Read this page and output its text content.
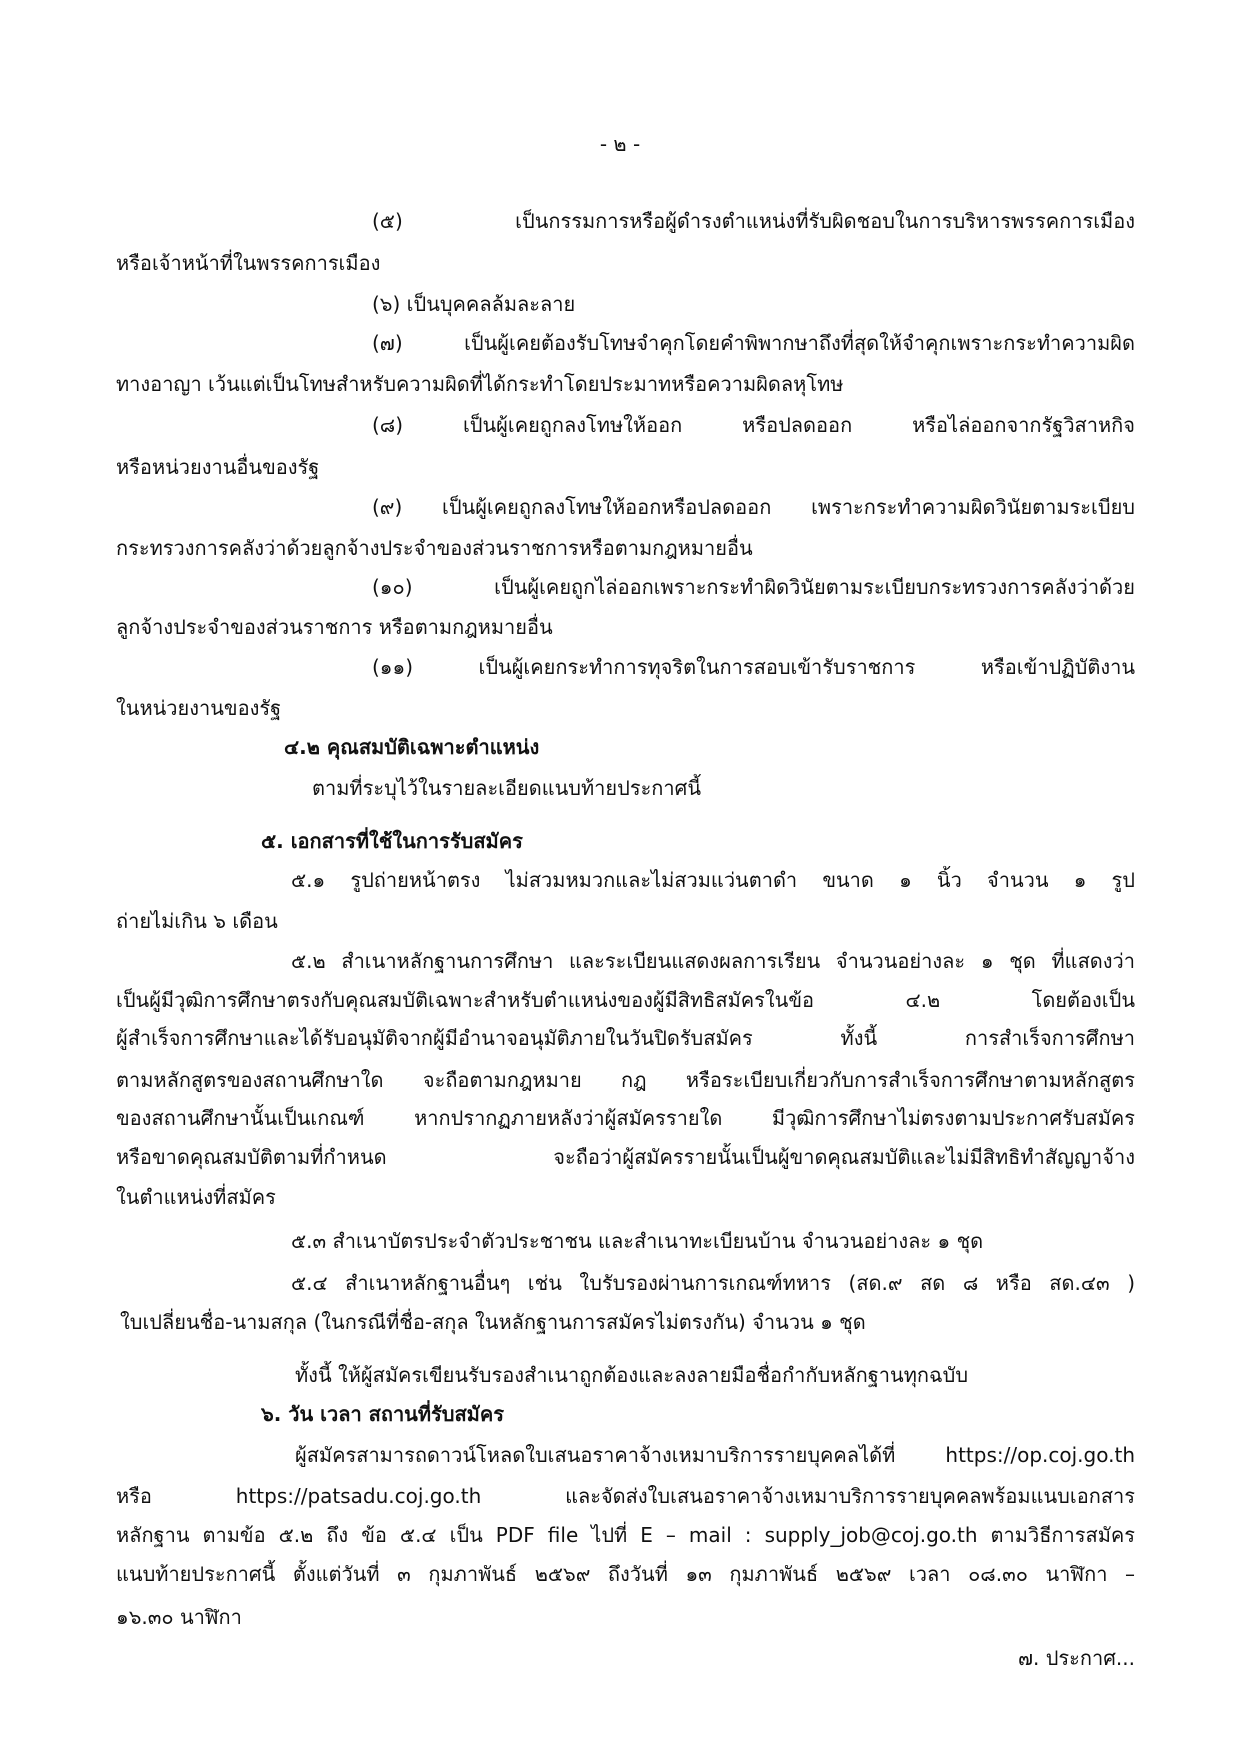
- ๒ -
(๕) เป็นกรรมการหรือผู้ดำรงตำแหน่งที่รับผิดชอบในการบริหารพรรคการเมือง
หรือเจ้าหน้าที่ในพรรคการเมือง
(๖) เป็นบุคคลล้มละลาย
(๗) เป็นผู้เคยต้องรับโทษจำคุกโดยคำพิพากษาถึงที่สุดให้จำคุกเพราะกระทำความผิด
ทางอาญา เว้นแต่เป็นโทษสำหรับความผิดที่ได้กระทำโดยประมาทหรือความผิดลหุโทษ
(๘) เป็นผู้เคยถูกลงโทษให้ออก หรือปลดออก หรือไล่ออกจากรัฐวิสาหกิจ
หรือหน่วยงานอื่นของรัฐ
(๙) เป็นผู้เคยถูกลงโทษให้ออกหรือปลดออก เพราะกระทำความผิดวินัยตามระเบียบ
กระทรวงการคลังว่าด้วยลูกจ้างประจำของส่วนราชการหรือตามกฎหมายอื่น
(๑๐) เป็นผู้เคยถูกไล่ออกเพราะกระทำผิดวินัยตามระเบียบกระทรวงการคลังว่าด้วย
ลูกจ้างประจำของส่วนราชการ หรือตามกฎหมายอื่น
(๑๑) เป็นผู้เคยกระทำการทุจริตในการสอบเข้ารับราชการ หรือเข้าปฏิบัติงาน
ในหน่วยงานของรัฐ
๔.๒ คุณสมบัติเฉพาะตำแหน่ง
ตามที่ระบุไว้ในรายละเอียดแนบท้ายประกาศนี้
๕. เอกสารที่ใช้ในการรับสมัคร
๕.๑ รูปถ่ายหน้าตรง ไม่สวมหมวกและไม่สวมแว่นตาดำ ขนาด ๑ นิ้ว จำนวน ๑ รูป
ถ่ายไม่เกิน ๖ เดือน
๕.๒ สำเนาหลักฐานการศึกษา และระเบียนแสดงผลการเรียน จำนวนอย่างละ ๑ ชุด ที่แสดงว่า
เป็นผู้มีวุฒิการศึกษาตรงกับคุณสมบัติเฉพาะสำหรับตำแหน่งของผู้มีสิทธิสมัครในข้อ ๔.๒ โดยต้องเป็น
ผู้สำเร็จการศึกษาและได้รับอนุมัติจากผู้มีอำนาจอนุมัติภายในวันปิดรับสมัคร ทั้งนี้ การสำเร็จการศึกษา
ตามหลักสูตรของสถานศึกษาใด จะถือตามกฎหมาย กฎ หรือระเบียบเกี่ยวกับการสำเร็จการศึกษาตามหลักสูตร
ของสถานศึกษานั้นเป็นเกณฑ์ หากปรากฏภายหลังว่าผู้สมัครรายใด มีวุฒิการศึกษาไม่ตรงตามประกาศรับสมัคร
หรือขาดคุณสมบัติตามที่กำหนด จะถือว่าผู้สมัครรายนั้นเป็นผู้ขาดคุณสมบัติและไม่มีสิทธิทำสัญญาจ้าง
ในตำแหน่งที่สมัคร
๕.๓ สำเนาบัตรประจำตัวประชาชน และสำเนาทะเบียนบ้าน จำนวนอย่างละ ๑ ชุด
๕.๔ สำเนาหลักฐานอื่นๆ เช่น ใบรับรองผ่านการเกณฑ์ทหาร (สด.๙ สด ๘ หรือ สด.๔๓ )
ใบเปลี่ยนชื่อ-นามสกุล (ในกรณีที่ชื่อ-สกุล ในหลักฐานการสมัครไม่ตรงกัน) จำนวน ๑ ชุด
ทั้งนี้ ให้ผู้สมัครเขียนรับรองสำเนาถูกต้องและลงลายมือชื่อกำกับหลักฐานทุกฉบับ
๖. วัน เวลา สถานที่รับสมัคร
ผู้สมัครสามารถดาวน์โหลดใบเสนอราคาจ้างเหมาบริการรายบุคคลได้ที่ https://op.coj.go.th
หรือ https://patsadu.coj.go.th และจัดส่งใบเสนอราคาจ้างเหมาบริการรายบุคคลพร้อมแนบเอกสาร
หลักฐาน ตามข้อ ๕.๒ ถึง ข้อ ๕.๔ เป็น PDF file ไปที่ E – mail : supply_job@coj.go.th ตามวิธีการสมัคร
แนบท้ายประกาศนี้ ตั้งแต่วันที่ ๓ กุมภาพันธ์ ๒๕๖๙ ถึงวันที่ ๑๓ กุมภาพันธ์ ๒๕๖๙ เวลา ๐๘.๓๐ นาฬิกา –
๑๖.๓๐ นาฬิกา
๗. ประกาศ...
